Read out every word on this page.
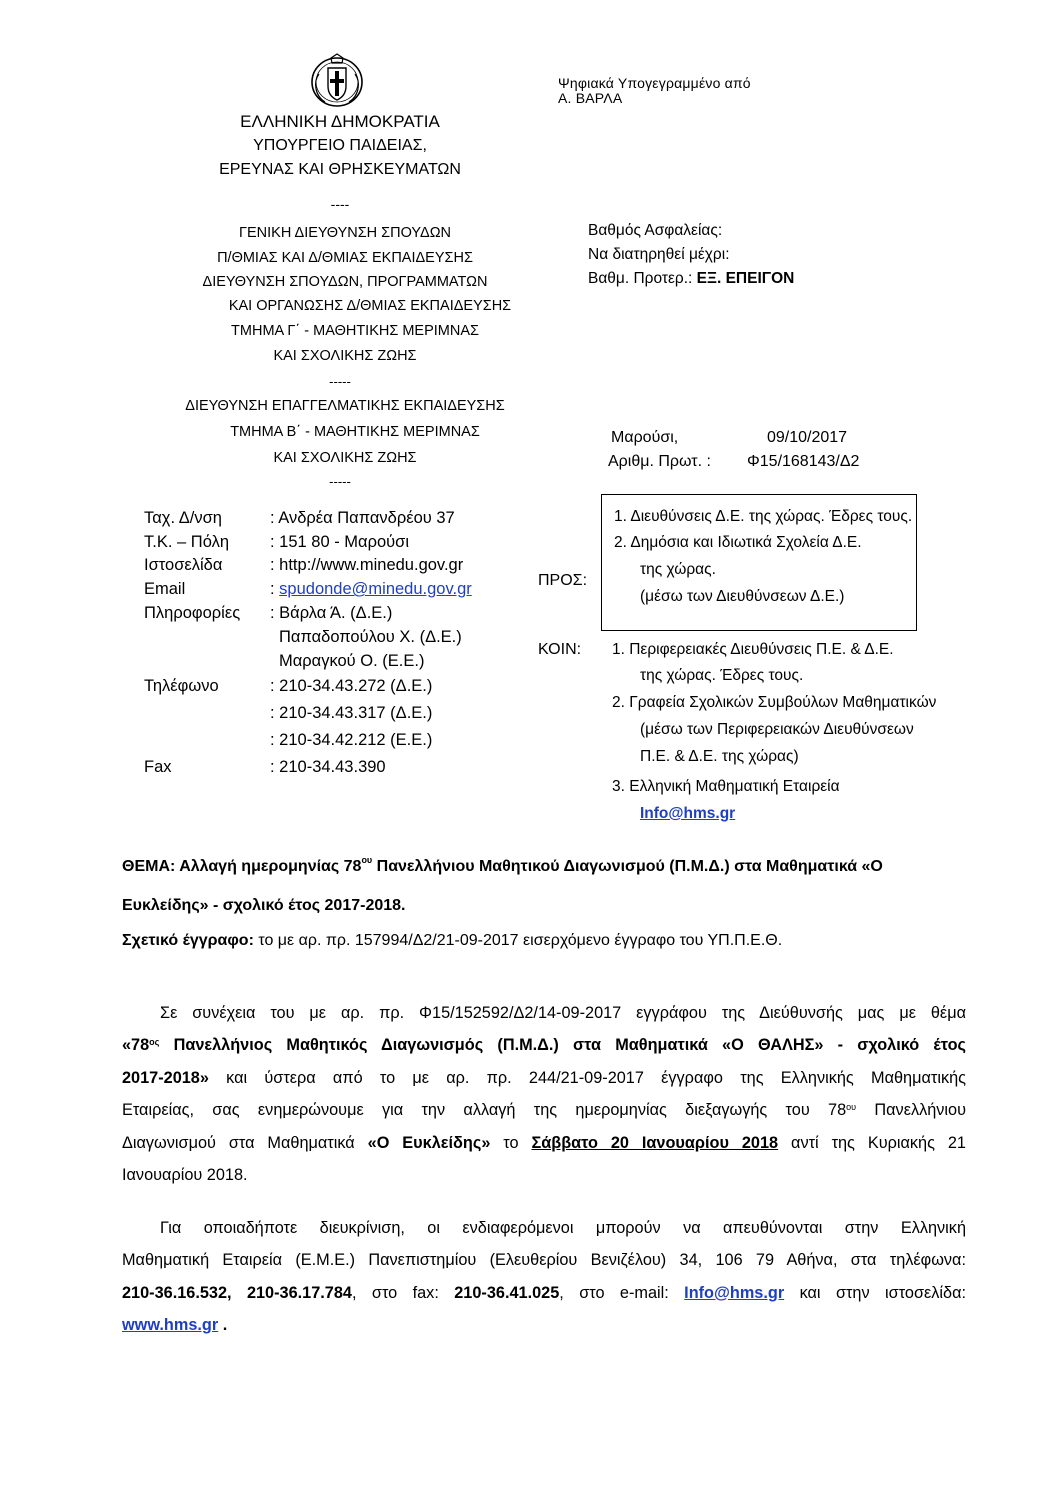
Ψηφιακά Υπογεγραμμένο από
Α. ΒΑΡΛΑ
ΕΛΛΗΝΙΚΗ ΔΗΜΟΚΡΑΤΙΑ
ΥΠΟΥΡΓΕΙΟ ΠΑΙΔΕΙΑΣ,
ΕΡΕΥΝΑΣ ΚΑΙ ΘΡΗΣΚΕΥΜΑΤΩΝ
----
ΓΕΝΙΚΗ ΔΙΕΥΘΥΝΣΗ ΣΠΟΥΔΩΝ
Π/ΘΜΙΑΣ ΚΑΙ Δ/ΘΜΙΑΣ ΕΚΠΑΙΔΕΥΣΗΣ
ΔΙΕΥΘΥΝΣΗ ΣΠΟΥΔΩΝ, ΠΡΟΓΡΑΜΜΑΤΩΝ
ΚΑΙ ΟΡΓΑΝΩΣΗΣ Δ/ΘΜΙΑΣ ΕΚΠΑΙΔΕΥΣΗΣ
ΤΜΗΜΑ Γ΄ - ΜΑΘΗΤΙΚΗΣ ΜΕΡΙΜΝΑΣ
ΚΑΙ ΣΧΟΛΙΚΗΣ ΖΩΗΣ
-----
ΔΙΕΥΘΥΝΣΗ ΕΠΑΓΓΕΛΜΑΤΙΚΗΣ ΕΚΠΑΙΔΕΥΣΗΣ
ΤΜΗΜΑ Β΄ - ΜΑΘΗΤΙΚΗΣ ΜΕΡΙΜΝΑΣ
ΚΑΙ ΣΧΟΛΙΚΗΣ ΖΩΗΣ
-----
Βαθμός Ασφαλείας:
Να διατηρηθεί μέχρι:
Βαθμ. Προτερ.: ΕΞ. ΕΠΕΙΓΟΝ
Μαρούσι,	09/10/2017
Αριθμ. Πρωτ. : Φ15/168143/Δ2
Ταχ. Δ/νση	: Ανδρέα Παπανδρέου 37
Τ.Κ. – Πόλη : 151 80 - Μαρούσι
Ιστοσελίδα	: http://www.minedu.gov.gr
Email	: spudonde@minedu.gov.gr
Πληροφορίες : Βάρλα Ά. (Δ.Ε.)
Παπαδοπούλου Χ. (Δ.Ε.)
Μαραγκού Ο. (Ε.Ε.)
Τηλέφωνο	: 210-34.43.272 (Δ.Ε.)
: 210-34.43.317 (Δ.Ε.)
: 210-34.42.212 (Ε.Ε.)
Fax	: 210-34.43.390
ΠΡΟΣ:
1. Διευθύνσεις Δ.Ε. της χώρας. Έδρες τους.
2. Δημόσια και Ιδιωτικά Σχολεία Δ.Ε.
της χώρας.
(μέσω των Διευθύνσεων Δ.Ε.)
ΚΟΙΝ: 1. Περιφερειακές Διευθύνσεις Π.Ε. & Δ.Ε.
της χώρας. Έδρες τους.
2. Γραφεία Σχολικών Συμβούλων Μαθηματικών
(μέσω των Περιφερειακών Διευθύνσεων
Π.Ε. & Δ.Ε. της χώρας)
3. Ελληνική Μαθηματική Εταιρεία
Info@hms.gr
ΘΕΜΑ: Αλλαγή ημερομηνίας $78^{o\upsilon}$ Πανελλήνιου Μαθητικού Διαγωνισμού (Π.Μ.Δ.) στα Μαθηματικά «Ο
Ευκλείδης» - σχολικό έτος 2017-2018.
Σχετικό έγγραφο: το με αρ. πρ. 157994/Δ2/21-09-2017 εισερχόμενο έγγραφο του ΥΠ.Π.Ε.Θ.
Σε συνέχεια του με αρ. πρ. Φ15/152592/Δ2/14-09-2017 εγγράφου της Διεύθυνσής μας με θέμα
«$78^{o\varsigma}$ Πανελλήνιος Μαθητικός Διαγωνισμός (Π.Μ.Δ.) στα Μαθηματικά «Ο ΘΑΛΗΣ» - σχολικό έτος
2017-2018» και ύστερα από το με αρ. πρ. 244/21-09-2017 έγγραφο της Ελληνικής Μαθηματικής
Εταιρείας, σας ενημερώνουμε για την αλλαγή της ημερομηνίας διεξαγωγής του $78^{o\upsilon}$ Πανελλήνιου
Διαγωνισμού στα Μαθηματικά «Ο Ευκλείδης» το Σάββατο 20 Ιανουαρίου 2018 αντί της Κυριακής 21
Ιανουαρίου 2018.
Για οποιαδήποτε διευκρίνιση, οι ενδιαφερόμενοι μπορούν να απευθύνονται στην Ελληνική
Μαθηματική Εταιρεία (Ε.Μ.Ε.) Πανεπιστημίου (Ελευθερίου Βενιζέλου) 34, 106 79 Αθήνα, στα τηλέφωνα:
210-36.16.532, 210-36.17.784, στο fax: 210-36.41.025, στο e-mail: Info@hms.gr και στην ιστοσελίδα:
www.hms.gr .
